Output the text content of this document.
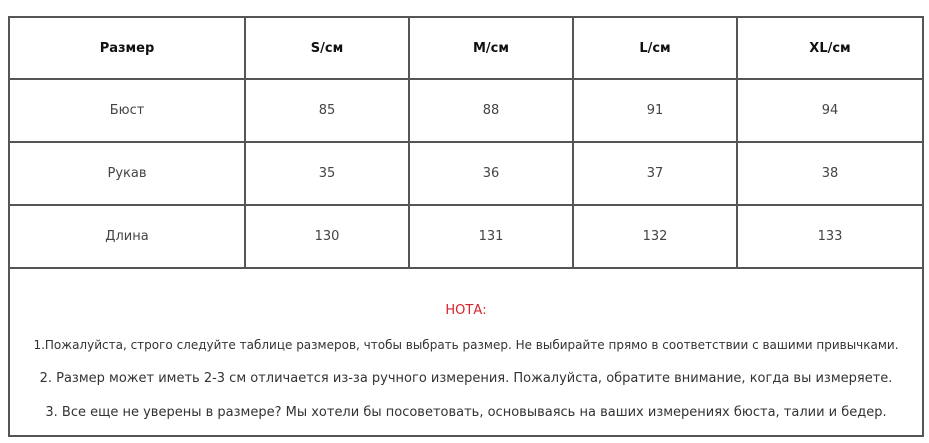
Размер	S/см	M/см	L/см	XL/см
Бюст	85	88	91	94
Рукав	35	36	37	38
Длина	130	131	132	133

НОТА:
1.Пожалуйста, строго следуйте таблице размеров, чтобы выбрать размер. Не выбирайте прямо в соответствии с вашими привычками.
2. Размер может иметь 2-3 см отличается из-за ручного измерения. Пожалуйста, обратите внимание, когда вы измеряете.
3. Все еще не уверены в размере? Мы хотели бы посоветовать, основываясь на ваших измерениях бюста, талии и бедер.				
